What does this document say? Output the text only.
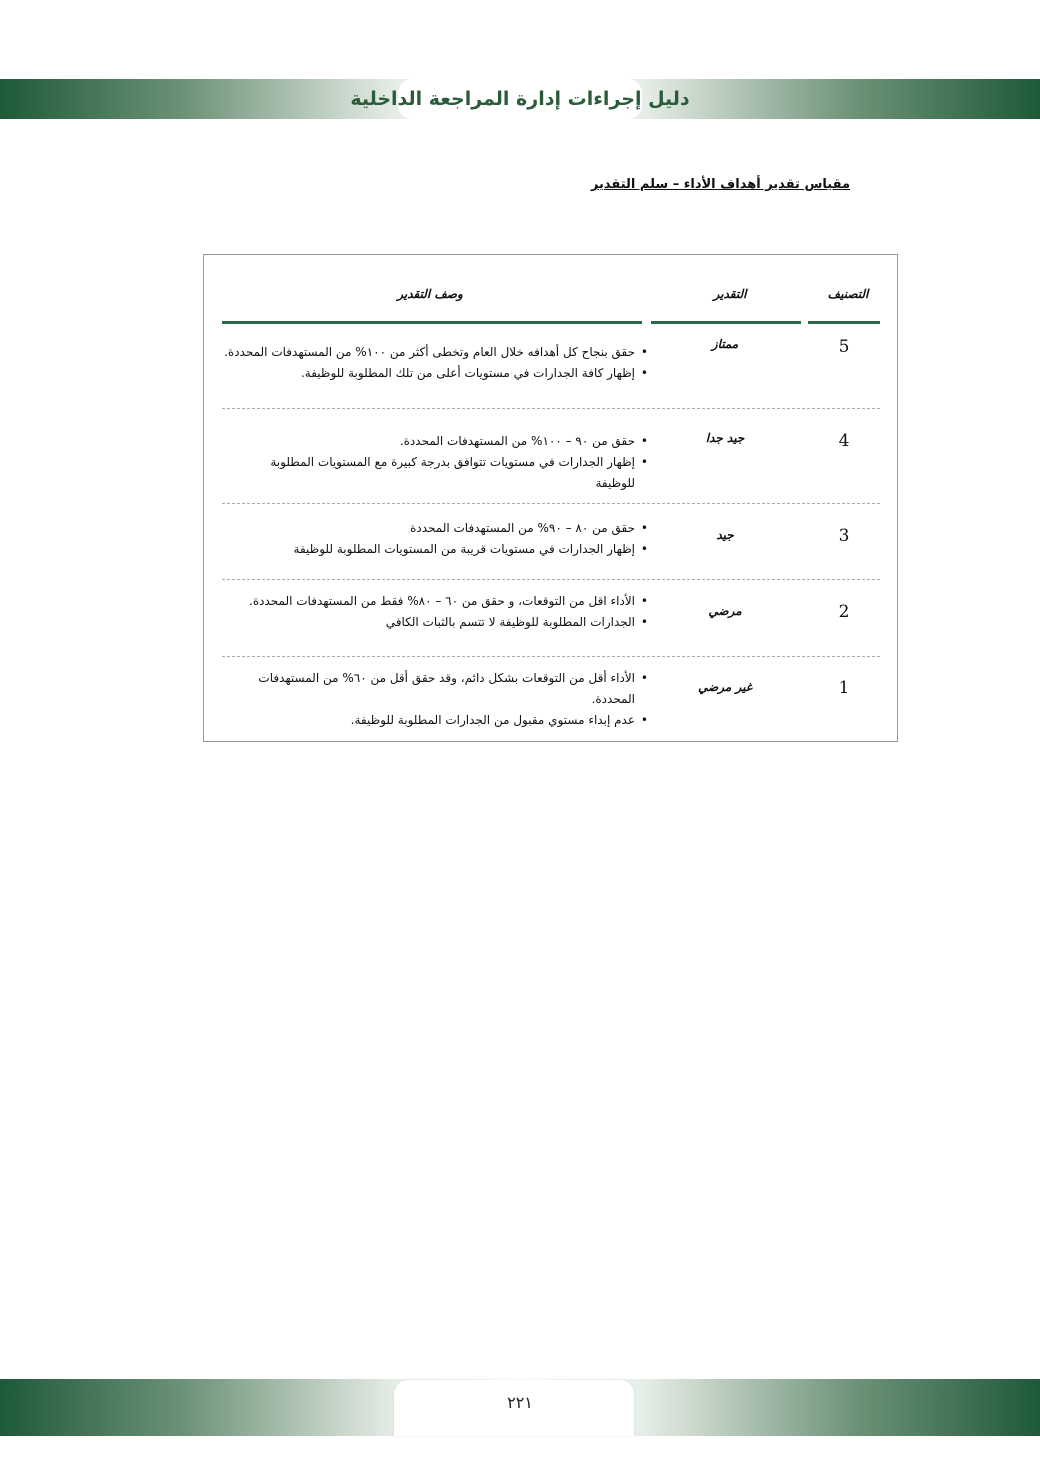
دليل إجراءات إدارة المراجعة الداخلية
مقياس تقدير أهداف الأداء – سلم التقدير
التصنيف
التقدير
وصف التقدير
5
ممتاز
• حقق بنجاح كل أهدافه خلال العام وتخطى أكثر من ١٠٠% من المستهدفات المحددة.
• إظهار كافة الجدارات في مستويات أعلى من تلك المطلوبة للوظيفة.
4
جيد جدا
• حقق من ٩٠ – ١٠٠% من المستهدفات المحددة.
• إظهار الجدارات في مستويات تتوافق بدرجة كبيرة مع المستويات المطلوبة للوظيفة
3
جيد
• حقق من ٨٠ – ٩٠% من المستهدفات المحددة
• إظهار الجدارات في مستويات قريبة من المستويات المطلوبة للوظيفة
2
مرضي
• الأداء اقل من التوقعات، و حقق من ٦٠ – ٨٠% فقط من المستهدفات المحددة.
• الجدارات المطلوبة للوظيفة لا تتسم بالثبات الكافي
1
غير مرضي
• الأداء أقل من التوقعات بشكل دائم، وقد حقق أقل من ٦٠% من المستهدفات المحددة.
• عدم إبداء مستوي مقبول من الجدارات المطلوبة للوظيفة.
٢٢١
